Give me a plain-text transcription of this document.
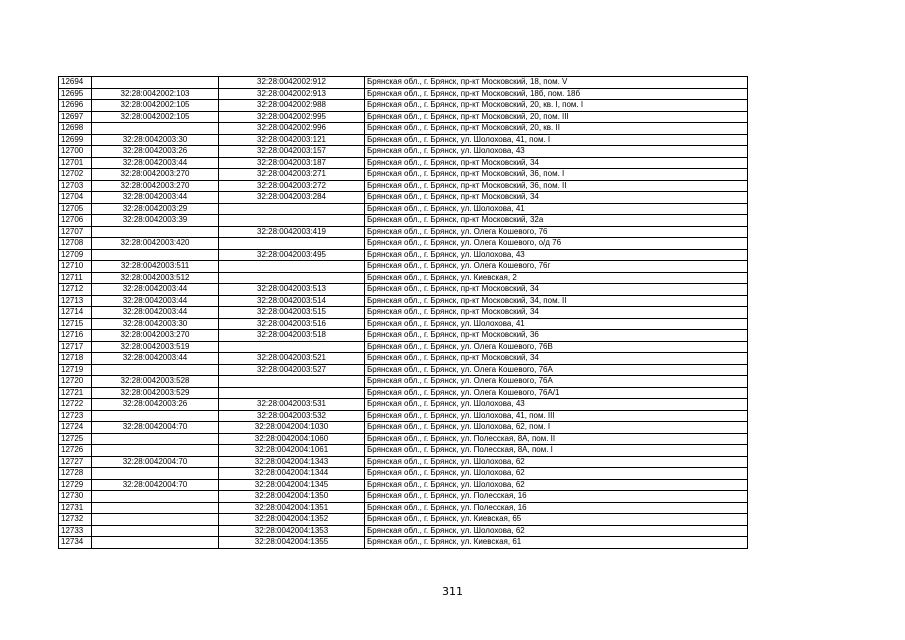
12694		32:28:0042002:912	Брянская обл., г. Брянск, пр-кт Московский, 18, пом. V
12695	32:28:0042002:103	32:28:0042002:913	Брянская обл., г. Брянск, пр-кт Московский, 18б, пом. 18б
12696	32:28:0042002:105	32:28:0042002:988	Брянская обл., г. Брянск, пр-кт Московский, 20, кв. I, пом. I
12697	32:28:0042002:105	32:28:0042002:995	Брянская обл., г. Брянск, пр-кт Московский, 20, пом. III
12698		32:28:0042002:996	Брянская обл., г. Брянск, пр-кт Московский, 20, кв. II
12699	32:28:0042003:30	32:28:0042003:121	Брянская обл., г. Брянск, ул. Шолохова, 41, пом. I
12700	32:28:0042003:26	32:28:0042003:157	Брянская обл., г. Брянск, ул. Шолохова, 43
12701	32:28:0042003:44	32:28:0042003:187	Брянская обл., г. Брянск, пр-кт Московский, 34
12702	32:28:0042003:270	32:28:0042003:271	Брянская обл., г. Брянск, пр-кт Московский, 36, пом. I
12703	32:28:0042003:270	32:28:0042003:272	Брянская обл., г. Брянск, пр-кт Московский, 36, пом. II
12704	32:28:0042003:44	32:28:0042003:284	Брянская обл., г. Брянск, пр-кт Московский, 34
12705	32:28:0042003:29		Брянская обл., г. Брянск, ул. Шолохова, 41
12706	32:28:0042003:39		Брянская обл., г. Брянск, пр-кт Московский, 32а
12707		32:28:0042003:419	Брянская обл., г. Брянск, ул. Олега Кошевого, 76
12708	32:28:0042003:420		Брянская обл., г. Брянск, ул. Олега Кошевого, о/д 76
12709		32:28:0042003:495	Брянская обл., г. Брянск, ул. Шолохова, 43
12710	32:28:0042003:511		Брянская обл., г. Брянск, ул. Олега Кошевого, 76г
12711	32:28:0042003:512		Брянская обл., г. Брянск, ул. Киевская, 2
12712	32:28:0042003:44	32:28:0042003:513	Брянская обл., г. Брянск, пр-кт Московский, 34
12713	32:28:0042003:44	32:28:0042003:514	Брянская обл., г. Брянск, пр-кт Московский, 34, пом. II
12714	32:28:0042003:44	32:28:0042003:515	Брянская обл., г. Брянск, пр-кт Московский, 34
12715	32:28:0042003:30	32:28:0042003:516	Брянская обл., г. Брянск, ул. Шолохова, 41
12716	32:28:0042003:270	32:28:0042003:518	Брянская обл., г. Брянск, пр-кт Московский, 36
12717	32:28:0042003:519		Брянская обл., г. Брянск, ул. Олега Кошевого, 76В
12718	32:28:0042003:44	32:28:0042003:521	Брянская обл., г. Брянск, пр-кт Московский, 34
12719		32:28:0042003:527	Брянская обл., г. Брянск, ул. Олега Кошевого, 76А
12720	32:28:0042003:528		Брянская обл., г. Брянск, ул. Олега Кошевого, 76А
12721	32:28:0042003:529		Брянская обл., г. Брянск, ул. Олега Кошевого, 76А/1
12722	32:28:0042003:26	32:28:0042003:531	Брянская обл., г. Брянск, ул. Шолохова, 43
12723		32:28:0042003:532	Брянская обл., г. Брянск, ул. Шолохова, 41, пом. III
12724	32:28:0042004:70	32:28:0042004:1030	Брянская обл., г. Брянск, ул. Шолохова, 62, пом. I
12725		32:28:0042004:1060	Брянская обл., г. Брянск, ул. Полесская, 8А, пом. II
12726		32:28:0042004:1061	Брянская обл., г. Брянск, ул. Полесская, 8А, пом. I
12727	32:28:0042004:70	32:28:0042004:1343	Брянская обл., г. Брянск, ул. Шолохова, 62
12728		32:28:0042004:1344	Брянская обл., г. Брянск, ул. Шолохова, 62
12729	32:28:0042004:70	32:28:0042004:1345	Брянская обл., г. Брянск, ул. Шолохова, 62
12730		32:28:0042004:1350	Брянская обл., г. Брянск, ул. Полесская, 16
12731		32:28:0042004:1351	Брянская обл., г. Брянск, ул. Полесская, 16
12732		32:28:0042004:1352	Брянская обл., г. Брянск, ул. Киевская, 65
12733		32:28:0042004:1353	Брянская обл., г. Брянск, ул. Шолохова, 62
12734		32:28:0042004:1355	Брянская обл., г. Брянск, ул. Киевская, 61
311
